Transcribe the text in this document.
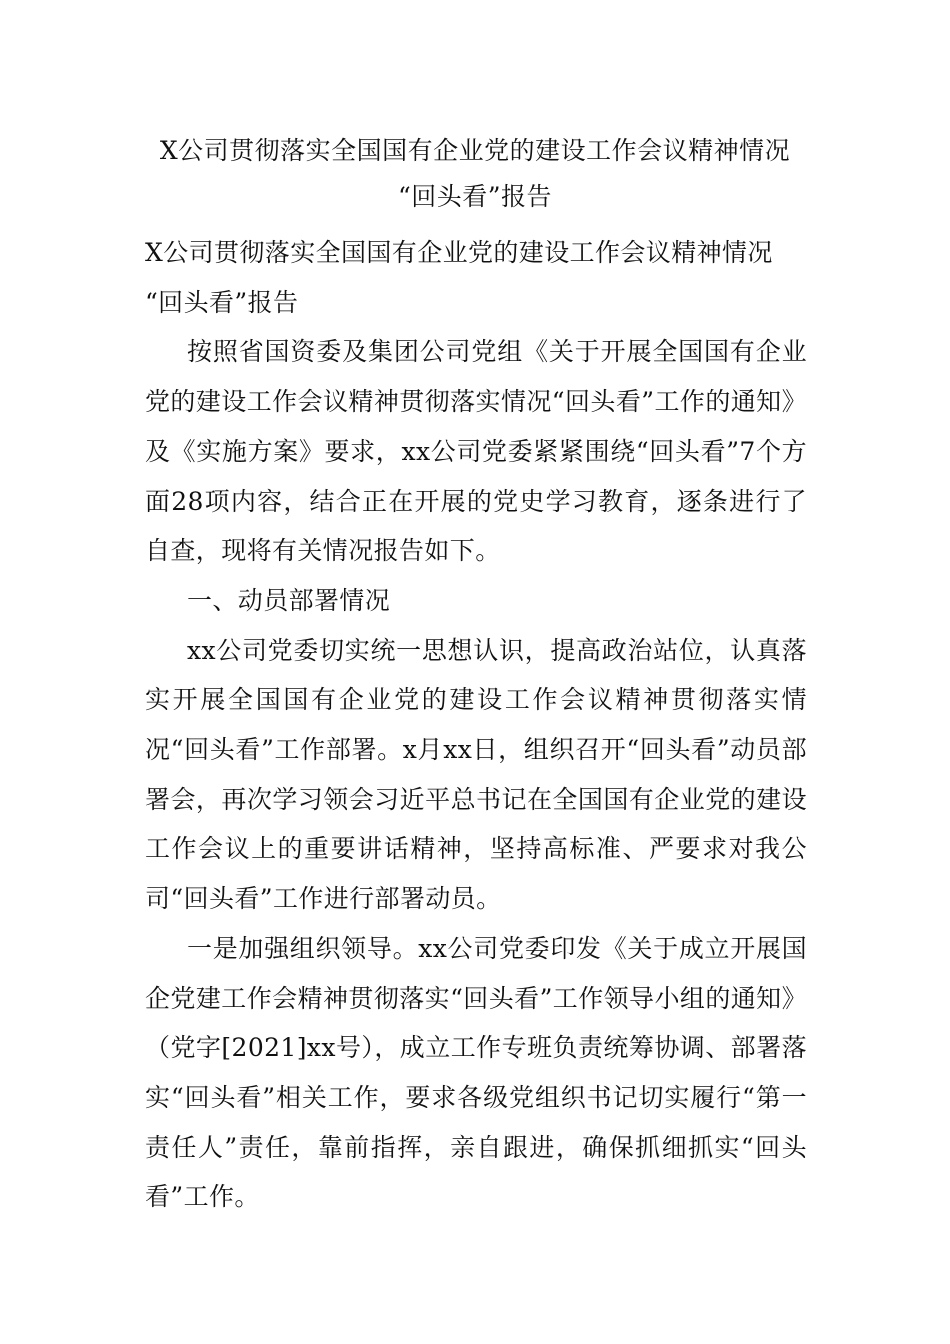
X公司贯彻落实全国国有企业党的建设工作会议精神情况
“回头看”报告

X公司贯彻落实全国国有企业党的建设工作会议精神情况
“回头看”报告

按照省国资委及集团公司党组《关于开展全国国有企业党的建设工作会议精神贯彻落实情况“回头看”工作的通知》及《实施方案》要求，xx公司党委紧紧围绕“回头看”7个方面28项内容，结合正在开展的党史学习教育，逐条进行了自查，现将有关情况报告如下。

一、动员部署情况

xx公司党委切实统一思想认识，提高政治站位，认真落实开展全国国有企业党的建设工作会议精神贯彻落实情况“回头看”工作部署。x月xx日，组织召开“回头看”动员部署会，再次学习领会习近平总书记在全国国有企业党的建设工作会议上的重要讲话精神，坚持高标准、严要求对我公司“回头看”工作进行部署动员。

一是加强组织领导。xx公司党委印发《关于成立开展国企党建工作会精神贯彻落实“回头看”工作领导小组的通知》（党字[2021]xx号），成立工作专班负责统筹协调、部署落实“回头看”相关工作，要求各级党组织书记切实履行“第一责任人”责任，靠前指挥，亲自跟进，确保抓细抓实“回头看”工作。
